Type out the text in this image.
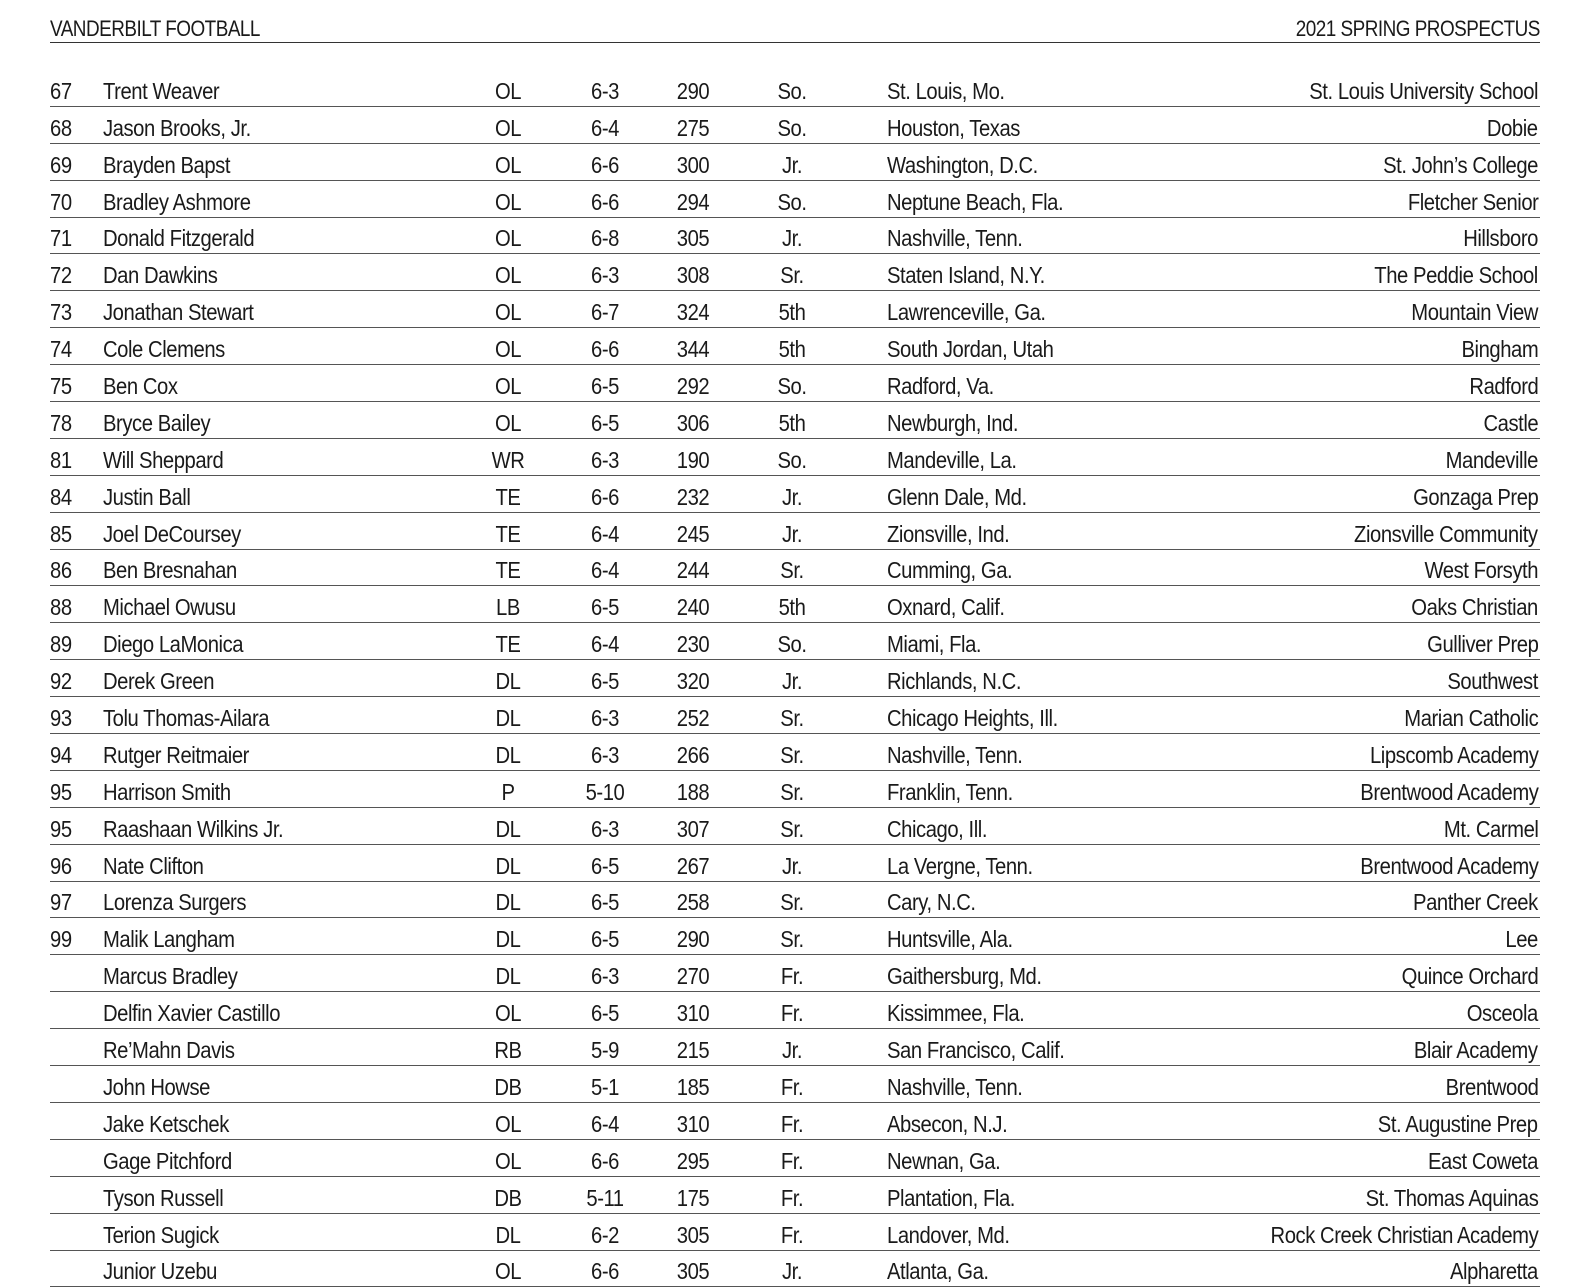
VANDERBILT FOOTBALL	2021 SPRING PROSPECTUS
67 Trent Weaver	OL	6-3	290	So.	St. Louis, Mo.	St. Louis University School
68 Jason Brooks, Jr.	OL	6-4	275	So.	Houston, Texas	Dobie
69 Brayden Bapst	OL	6-6	300	Jr.	Washington, D.C.	St. John’s College
70 Bradley Ashmore	OL	6-6	294	So.	Neptune Beach, Fla.	Fletcher Senior
71 Donald Fitzgerald	OL	6-8	305	Jr.	Nashville, Tenn.	Hillsboro
72 Dan Dawkins	OL	6-3	308	Sr.	Staten Island, N.Y.	The Peddie School
73 Jonathan Stewart	OL	6-7	324	5th	Lawrenceville, Ga.	Mountain View
74 Cole Clemens	OL	6-6	344	5th	South Jordan, Utah	Bingham
75 Ben Cox	OL	6-5	292	So.	Radford, Va.	Radford
78 Bryce Bailey	OL	6-5	306	5th	Newburgh, Ind.	Castle
81 Will Sheppard	WR	6-3	190	So.	Mandeville, La.	Mandeville
84 Justin Ball	TE	6-6	232	Jr.	Glenn Dale, Md.	Gonzaga Prep
85 Joel DeCoursey	TE	6-4	245	Jr.	Zionsville, Ind.	Zionsville Community
86 Ben Bresnahan	TE	6-4	244	Sr.	Cumming, Ga.	West Forsyth
88 Michael Owusu	LB	6-5	240	5th	Oxnard, Calif.	Oaks Christian
89 Diego LaMonica	TE	6-4	230	So.	Miami, Fla.	Gulliver Prep
92 Derek Green	DL	6-5	320	Jr.	Richlands, N.C.	Southwest
93 Tolu Thomas-Ailara	DL	6-3	252	Sr.	Chicago Heights, Ill.	Marian Catholic
94 Rutger Reitmaier	DL	6-3	266	Sr.	Nashville, Tenn.	Lipscomb Academy
95 Harrison Smith	P	5-10 188	Sr.	Franklin, Tenn.	Brentwood Academy
95 Raashaan Wilkins Jr.	DL	6-3	307	Sr.	Chicago, Ill.	Mt. Carmel
96 Nate Clifton	DL	6-5	267	Jr.	La Vergne, Tenn.	Brentwood Academy
97 Lorenza Surgers	DL	6-5	258	Sr.	Cary, N.C.	Panther Creek
99 Malik Langham	DL	6-5	290	Sr.	Huntsville, Ala.	Lee
Marcus Bradley	DL	6-3	270	Fr.	Gaithersburg, Md.	Quince Orchard
Delfin Xavier Castillo	OL	6-5	310	Fr.	Kissimmee, Fla.	Osceola
Re’Mahn Davis	RB	5-9	215	Jr.	San Francisco, Calif.	Blair Academy
John Howse	DB	5-1	185	Fr.	Nashville, Tenn.	Brentwood
Jake Ketschek	OL	6-4	310	Fr.	Absecon, N.J.	St. Augustine Prep
Gage Pitchford	OL	6-6	295	Fr.	Newnan, Ga.	East Coweta
Tyson Russell	DB	5-11 175	Fr.	Plantation, Fla.	St. Thomas Aquinas
Terion Sugick	DL	6-2	305	Fr.	Landover, Md.	Rock Creek Christian Academy
Junior Uzebu	OL	6-6	305	Jr.	Atlanta, Ga.	Alpharetta
